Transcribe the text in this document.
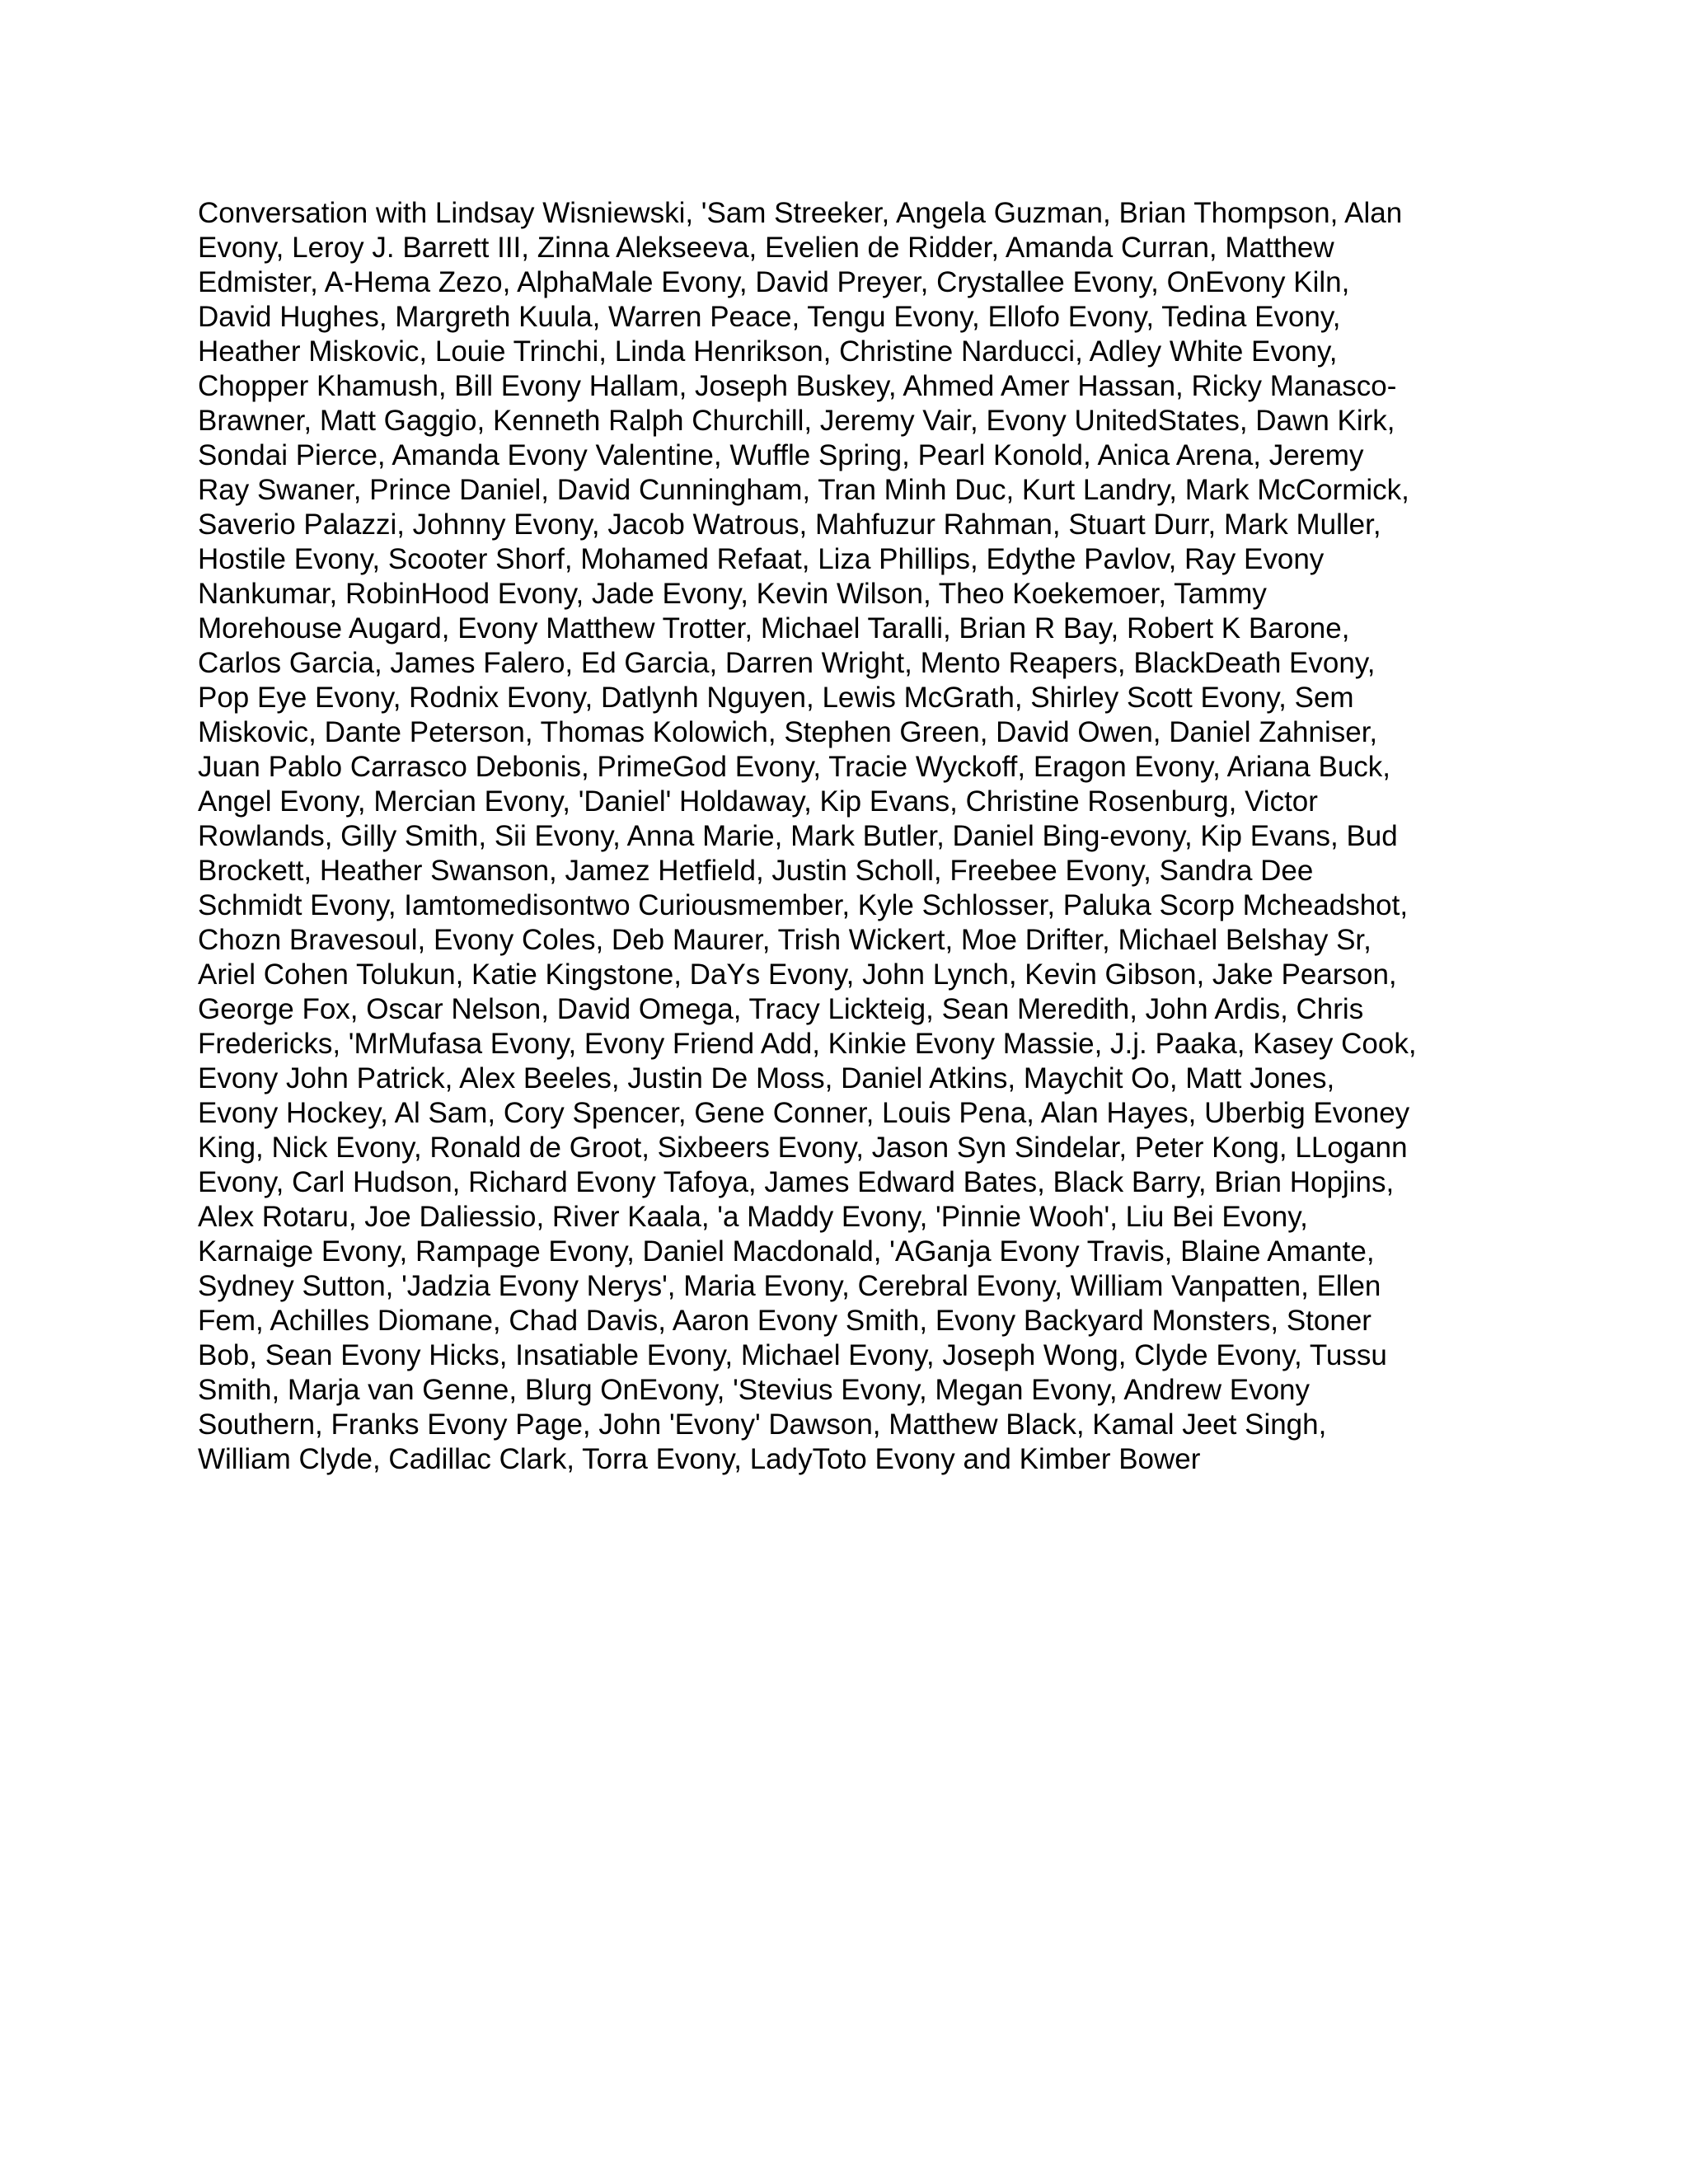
Conversation with Lindsay Wisniewski, 'Sam Streeker, Angela Guzman, Brian Thompson, Alan
Evony, Leroy J. Barrett III, Zinna Alekseeva, Evelien de Ridder, Amanda Curran, Matthew
Edmister, A-Hema Zezo, AlphaMale Evony, David Preyer, Crystallee Evony, OnEvony Kiln,
David Hughes, Margreth Kuula, Warren Peace, Tengu Evony, Ellofo Evony, Tedina Evony,
Heather Miskovic, Louie Trinchi, Linda Henrikson, Christine Narducci, Adley White Evony,
Chopper Khamush, Bill Evony Hallam, Joseph Buskey, Ahmed Amer Hassan, Ricky Manasco-
Brawner, Matt Gaggio, Kenneth Ralph Churchill, Jeremy Vair, Evony UnitedStates, Dawn Kirk,
Sondai Pierce, Amanda Evony Valentine, Wuffle Spring, Pearl Konold, Anica Arena, Jeremy
Ray Swaner, Prince Daniel, David Cunningham, Tran Minh Duc, Kurt Landry, Mark McCormick,
Saverio Palazzi, Johnny Evony, Jacob Watrous, Mahfuzur Rahman, Stuart Durr, Mark Muller,
Hostile Evony, Scooter Shorf, Mohamed Refaat, Liza Phillips, Edythe Pavlov, Ray Evony
Nankumar, RobinHood Evony, Jade Evony, Kevin Wilson, Theo Koekemoer, Tammy
Morehouse Augard, Evony Matthew Trotter, Michael Taralli, Brian R Bay, Robert K Barone,
Carlos Garcia, James Falero, Ed Garcia, Darren Wright, Mento Reapers, BlackDeath Evony,
Pop Eye Evony, Rodnix Evony, Datlynh Nguyen, Lewis McGrath, Shirley Scott Evony, Sem
Miskovic, Dante Peterson, Thomas Kolowich, Stephen Green, David Owen, Daniel Zahniser,
Juan Pablo Carrasco Debonis, PrimeGod Evony, Tracie Wyckoff, Eragon Evony, Ariana Buck,
Angel Evony, Mercian Evony, 'Daniel' Holdaway, Kip Evans, Christine Rosenburg, Victor
Rowlands, Gilly Smith, Sii Evony, Anna Marie, Mark Butler, Daniel Bing-evony, Kip Evans, Bud
Brockett, Heather Swanson, Jamez Hetfield, Justin Scholl, Freebee Evony, Sandra Dee
Schmidt Evony, Iamtomedisontwo Curiousmember, Kyle Schlosser, Paluka Scorp Mcheadshot,
Chozn Bravesoul, Evony Coles, Deb Maurer, Trish Wickert, Moe Drifter, Michael Belshay Sr,
Ariel Cohen Tolukun, Katie Kingstone, DaYs Evony, John Lynch, Kevin Gibson, Jake Pearson,
George Fox, Oscar Nelson, David Omega, Tracy Lickteig, Sean Meredith, John Ardis, Chris
Fredericks, 'MrMufasa Evony, Evony Friend Add, Kinkie Evony Massie, J.j. Paaka, Kasey Cook,
Evony John Patrick, Alex Beeles, Justin De Moss, Daniel Atkins, Maychit Oo, Matt Jones,
Evony Hockey, Al Sam, Cory Spencer, Gene Conner, Louis Pena, Alan Hayes, Uberbig Evoney
King, Nick Evony, Ronald de Groot, Sixbeers Evony, Jason Syn Sindelar, Peter Kong, LLogann
Evony, Carl Hudson, Richard Evony Tafoya, James Edward Bates, Black Barry, Brian Hopjins,
Alex Rotaru, Joe Daliessio, River Kaala, 'a Maddy Evony, 'Pinnie Wooh', Liu Bei Evony,
Karnaige Evony, Rampage Evony, Daniel Macdonald, 'AGanja Evony Travis, Blaine Amante,
Sydney Sutton, 'Jadzia Evony Nerys', Maria Evony, Cerebral Evony, William Vanpatten, Ellen
Fem, Achilles Diomane, Chad Davis, Aaron Evony Smith, Evony Backyard Monsters, Stoner
Bob, Sean Evony Hicks, Insatiable Evony, Michael Evony, Joseph Wong, Clyde Evony, Tussu
Smith, Marja van Genne, Blurg OnEvony, 'Stevius Evony, Megan Evony, Andrew Evony
Southern, Franks Evony Page, John 'Evony' Dawson, Matthew Black, Kamal Jeet Singh,
William Clyde, Cadillac Clark, Torra Evony, LadyToto Evony and Kimber Bower
